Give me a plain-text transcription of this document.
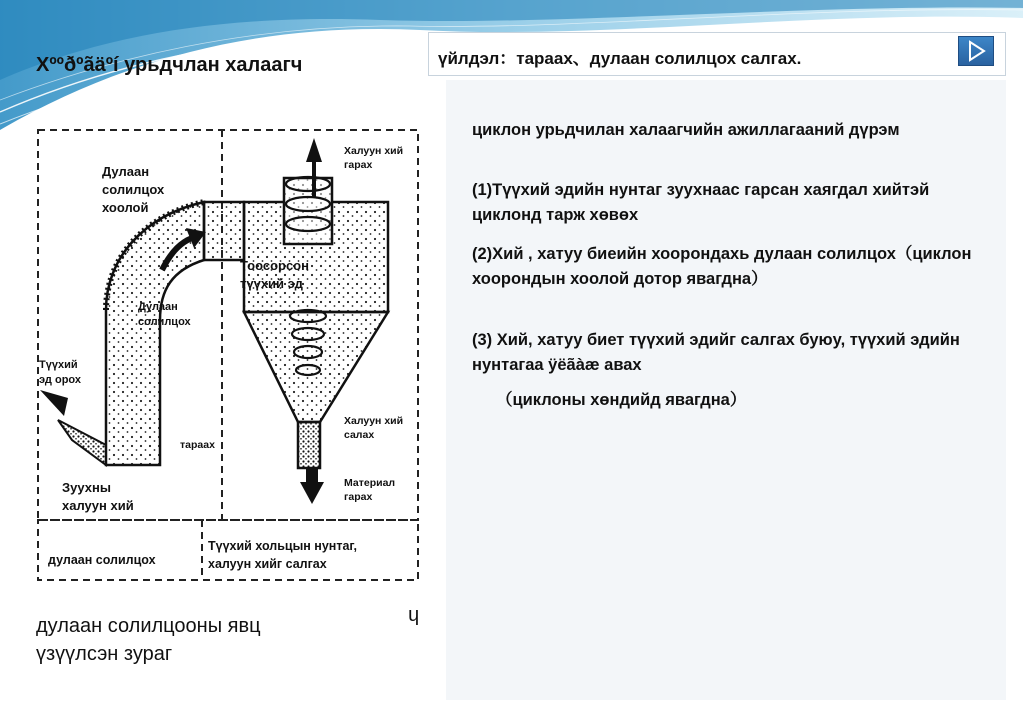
Хººðºãäºí урьдчлан халаагч	үйлдэл：тараах、дулаан солилцох салгах.
циклон урьдчилан халаагчийн ажиллагааний дүрэм
(1)Түүхий эдийн нунтаг зуухнаас гарсан хаягдал хийтэй циклонд тарж хөвөх
(2)Хий , хатуу биеийн хоорондахь дулаан солилцох（циклон хоорондын хоолой дотор явагдна）
(3) Хий, хатуу биет түүхий эдийг салгах буюу, түүхий эдийн нунтагаа ÿëãàæ авах
（циклоны хөндийд явагдна）
Халуун хий
гарах
Дулаан
солилцох
хоолой
Тоосорсон
түүхий эд
Дулаан
солилцох
Түүхий
эд орох
Халуун хий
салах
тараах
Материал
гарах
Зуухны
халуун хий
дулаан солилцох
Түүхий хольцын нунтаг,
халуун хийг салгах
дулаан солилцооны явц үзүүлсэн зураг
ɥ
